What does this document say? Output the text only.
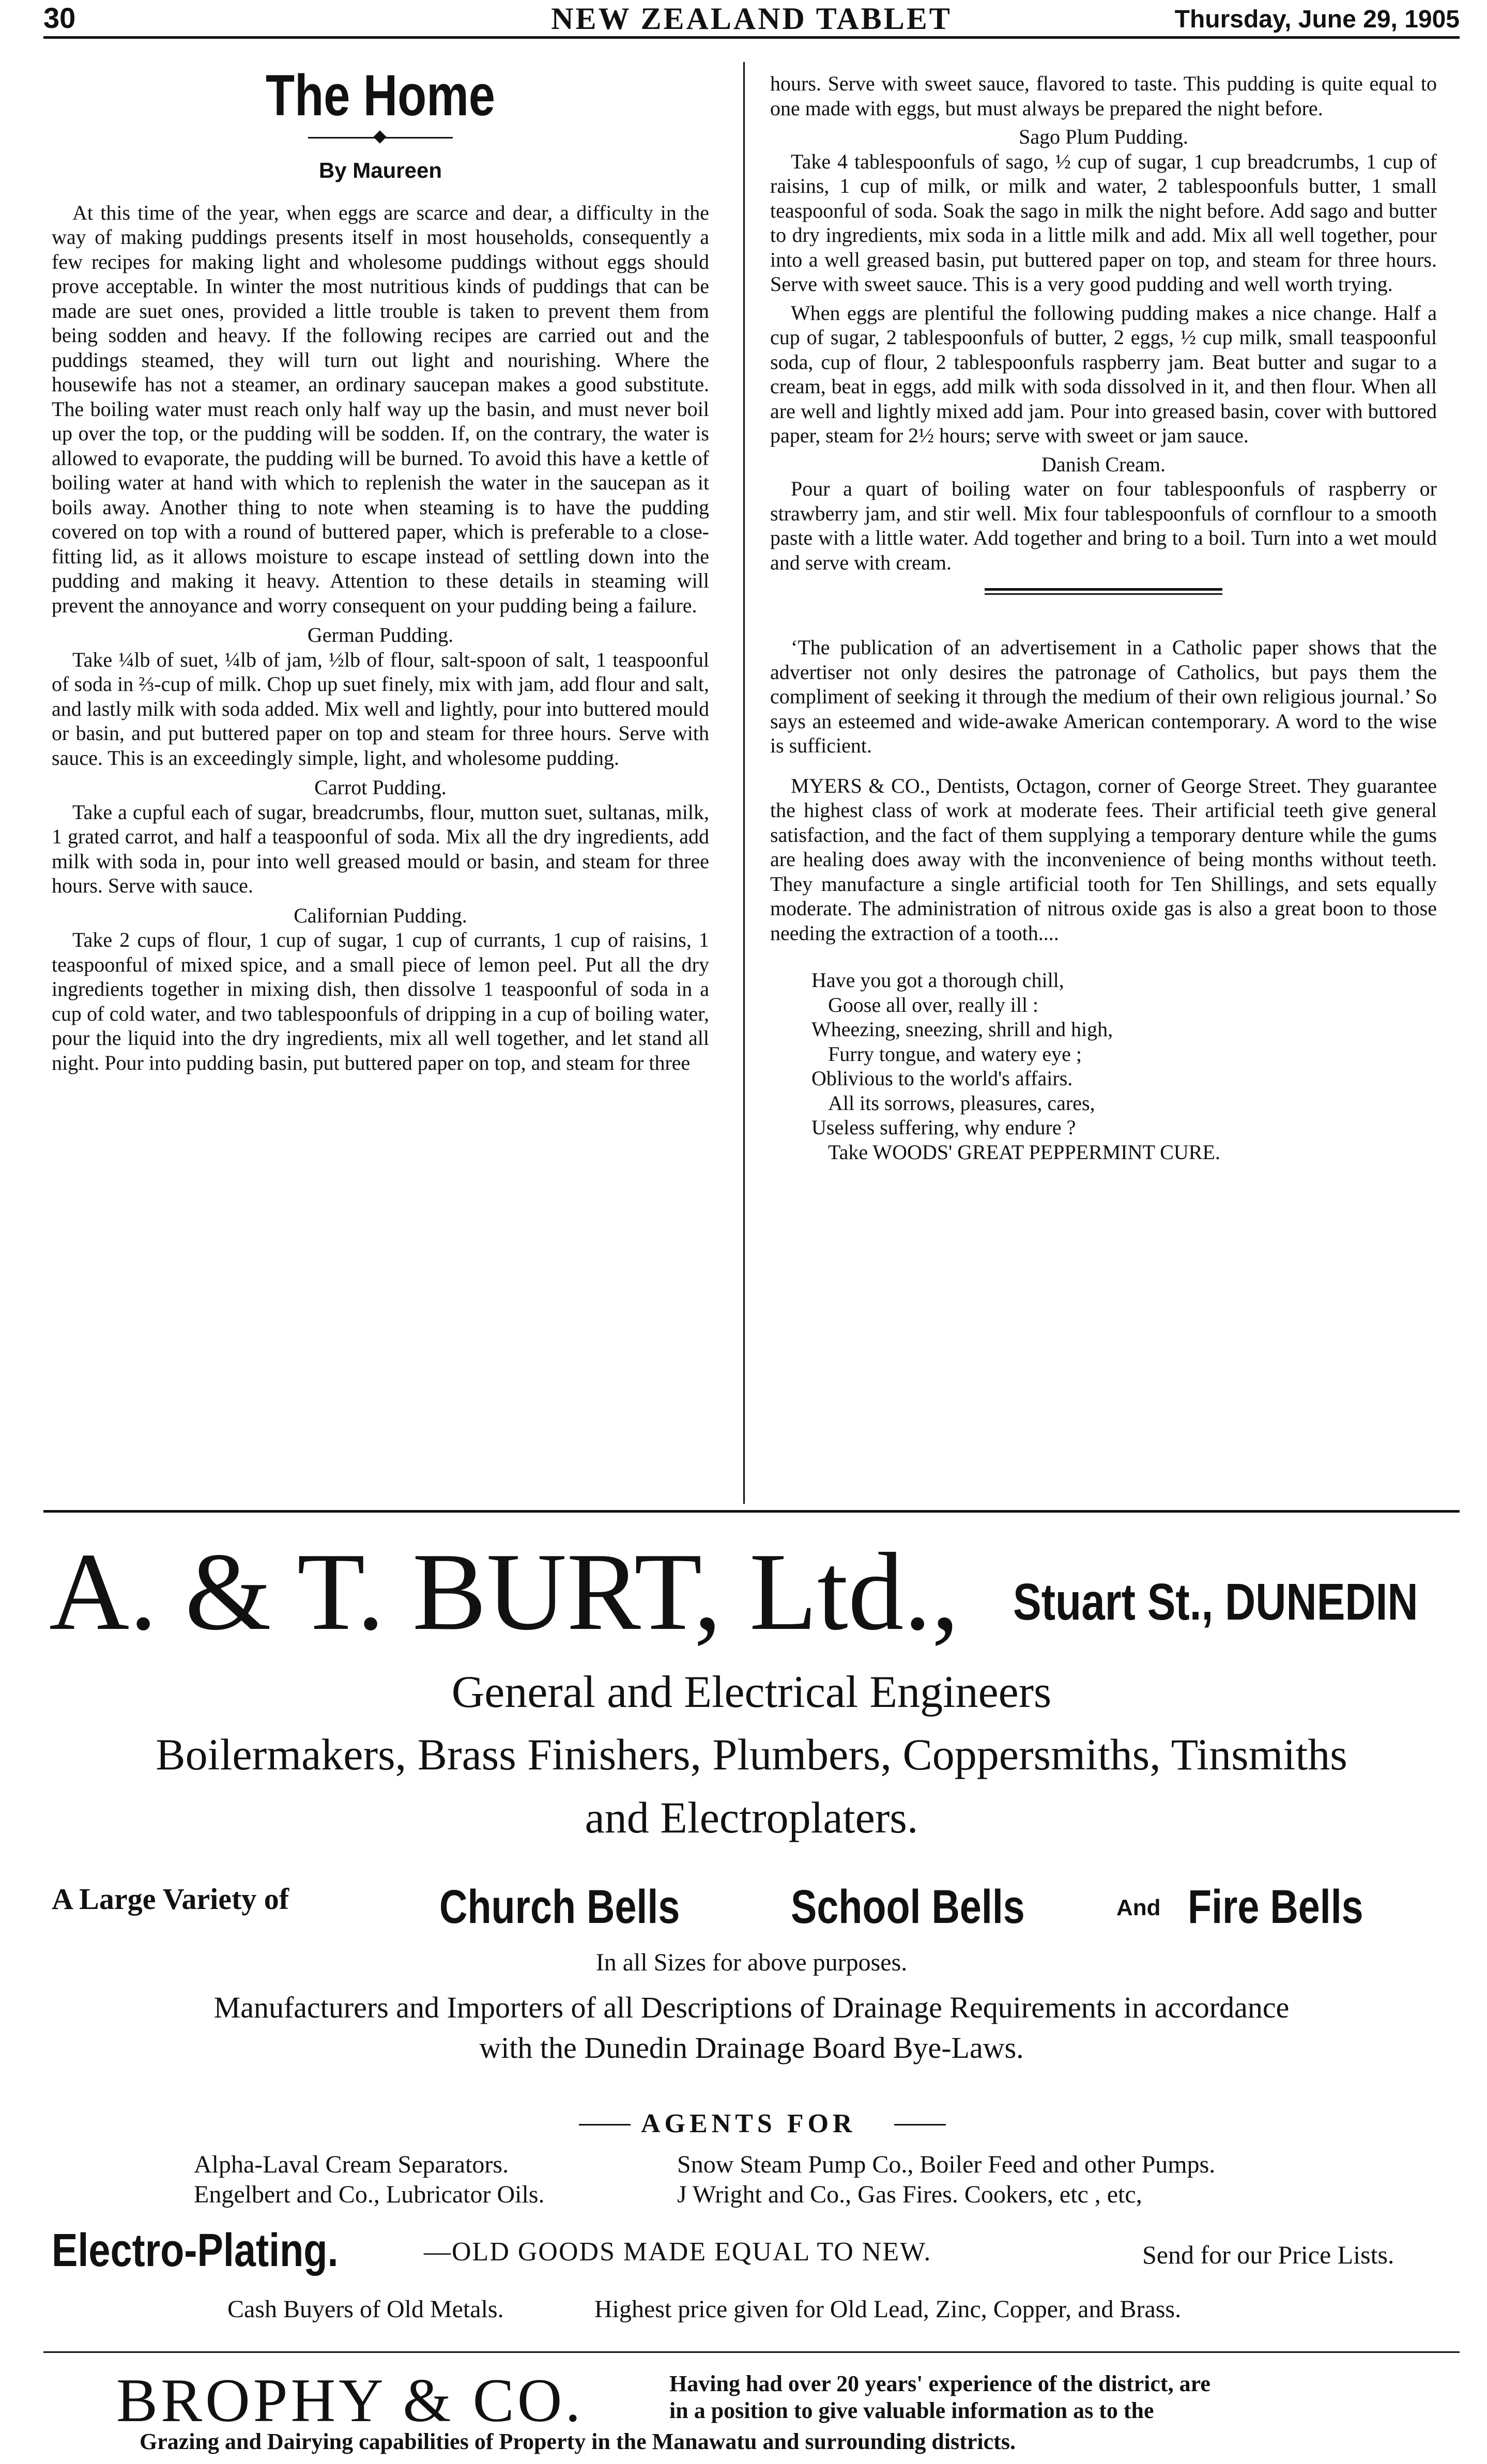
30	NEW ZEALAND TABLET	Thursday, June 29, 1905
The Home
By Maureen

At this time of the year, when eggs are scarce and dear, a difficulty in the way of making puddings presents itself in most households, consequently a few recipes for making light and wholesome puddings without eggs should prove acceptable. In winter the most nutritious kinds of puddings that can be made are suet ones, provided a little trouble is taken to prevent them from being sodden and heavy. If the following recipes are carried out and the puddings steamed, they will turn out light and nourishing. Where the housewife has not a steamer, an ordinary saucepan makes a good substitute. The boiling water must reach only half way up the basin, and must never boil up over the top, or the pudding will be sodden. If, on the contrary, the water is allowed to evaporate, the pudding will be burned. To avoid this have a kettle of boiling water at hand with which to replenish the water in the saucepan as it boils away. Another thing to note when steaming is to have the pudding covered on top with a round of buttered paper, which is preferable to a close-fitting lid, as it allows moisture to escape instead of settling down into the pudding and making it heavy. Attention to these details in steaming will prevent the annoyance and worry consequent on your pudding being a failure.

German Pudding.

Take ¼lb of suet, ¼lb of jam, ½lb of flour, salt-spoon of salt, 1 teaspoonful of soda in ⅔-cup of milk. Chop up suet finely, mix with jam, add flour and salt, and lastly milk with soda added. Mix well and lightly, pour into buttered mould or basin, and put buttered paper on top and steam for three hours. Serve with sauce. This is an exceedingly simple, light, and wholesome pudding.

Carrot Pudding.

Take a cupful each of sugar, breadcrumbs, flour, mutton suet, sultanas, milk, 1 grated carrot, and half a teaspoonful of soda. Mix all the dry ingredients, add milk with soda in, pour into well greased mould or basin, and steam for three hours. Serve with sauce.

Californian Pudding.

Take 2 cups of flour, 1 cup of sugar, 1 cup of currants, 1 cup of raisins, 1 teaspoonful of mixed spice, and a small piece of lemon peel. Put all the dry ingredients together in mixing dish, then dissolve 1 teaspoonful of soda in a cup of cold water, and two tablespoonfuls of dripping in a cup of boiling water, pour the liquid into the dry ingredients, mix all well together, and let stand all night. Pour into pudding basin, put buttered paper on top, and steam for three

hours. Serve with sweet sauce, flavored to taste. This pudding is quite equal to one made with eggs, but must always be prepared the night before.

Sago Plum Pudding.

Take 4 tablespoonfuls of sago, ½ cup of sugar, 1 cup breadcrumbs, 1 cup of raisins, 1 cup of milk, or milk and water, 2 tablespoonfuls butter, 1 small teaspoonful of soda. Soak the sago in milk the night before. Add sago and butter to dry ingredients, mix soda in a little milk and add. Mix all well together, pour into a well greased basin, put buttered paper on top, and steam for three hours. Serve with sweet sauce. This is a very good pudding and well worth trying.

When eggs are plentiful the following pudding makes a nice change. Half a cup of sugar, 2 tablespoonfuls of butter, 2 eggs, ½ cup milk, small teaspoonful soda, cup of flour, 2 tablespoonfuls raspberry jam. Beat butter and sugar to a cream, beat in eggs, add milk with soda dissolved in it, and then flour. When all are well and lightly mixed add jam. Pour into greased basin, cover with buttored paper, steam for 2½ hours; serve with sweet or jam sauce.

Danish Cream.

Pour a quart of boiling water on four tablespoonfuls of raspberry or strawberry jam, and stir well. Mix four tablespoonfuls of cornflour to a smooth paste with a little water. Add together and bring to a boil. Turn into a wet mould and serve with cream.

‘The publication of an advertisement in a Catholic paper shows that the advertiser not only desires the patronage of Catholics, but pays them the compliment of seeking it through the medium of their own religious journal.’ So says an esteemed and wide-awake American contemporary. A word to the wise is sufficient.

MYERS & CO., Dentists, Octagon, corner of George Street. They guarantee the highest class of work at moderate fees. Their artificial teeth give general satisfaction, and the fact of them supplying a temporary denture while the gums are healing does away with the inconvenience of being months without teeth. They manufacture a single artificial tooth for Ten Shillings, and sets equally moderate. The administration of nitrous oxide gas is also a great boon to those needing the extraction of a tooth....

Have you got a thorough chill,
Goose all over, really ill :
Wheezing, sneezing, shrill and high,
Furry tongue, and watery eye ;
Oblivious to the world's affairs.
All its sorrows, pleasures, cares,
Useless suffering, why endure ?
Take WOODS' GREAT PEPPERMINT CURE.
A. & T. BURT, Ltd., Stuart St., DUNEDIN
General and Electrical Engineers
Boilermakers, Brass Finishers, Plumbers, Coppersmiths, Tinsmiths
and Electroplaters.
A Large Variety of	Church Bells School Bells	And Fire Bells
In all Sizes for above purposes.
Manufacturers and Importers of all Descriptions of Drainage Requirements in accordance
with the Dunedin Drainage Board Bye-Laws.
AGENTS FOR
Alpha-Laval Cream Separators.	Snow Steam Pump Co., Boiler Feed and other Pumps.
Engelbert and Co., Lubricator Oils.	J Wright and Co., Gas Fires. Cookers, etc , etc,
Electro-Plating.	—OLD GOODS MADE EQUAL TO NEW.	Send for our Price Lists.
Cash Buyers of Old Metals.	Highest price given for Old Lead, Zinc, Copper, and Brass.
BROPHY & CO.	Having had over 20 years' experience of the district, are
in a position to give valuable information as to the
Grazing and Dairying capabilities of Property in the Manawatu and surrounding districts.
